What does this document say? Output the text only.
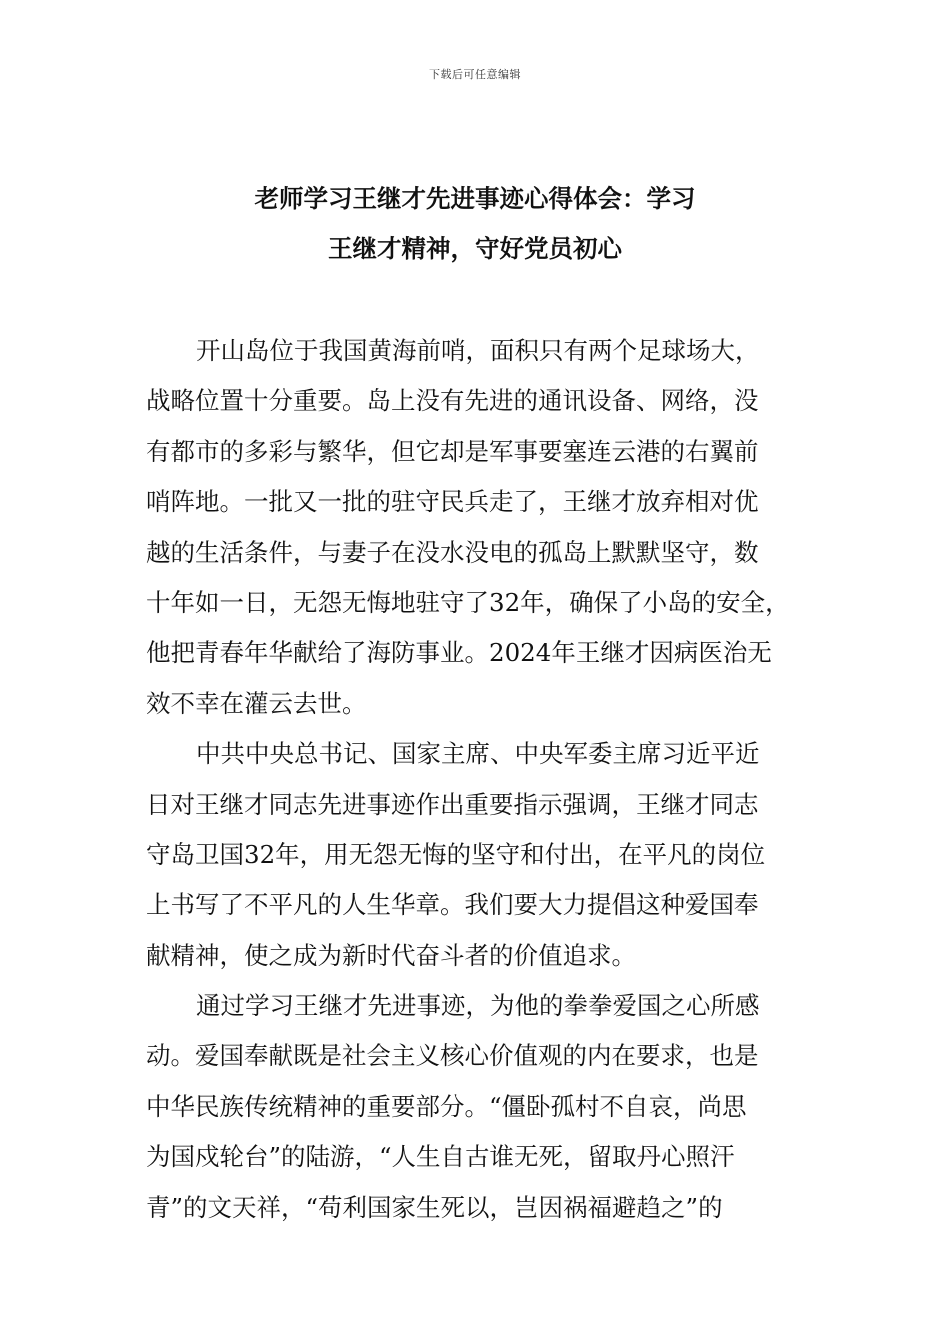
下载后可任意编辑
老师学习王继才先进事迹心得体会：学习
王继才精神，守好党员初心
开山岛位于我国黄海前哨，面积只有两个足球场大，
战略位置十分重要。岛上没有先进的通讯设备、网络，没
有都市的多彩与繁华，但它却是军事要塞连云港的右翼前
哨阵地。一批又一批的驻守民兵走了，王继才放弃相对优
越的生活条件，与妻子在没水没电的孤岛上默默坚守，数
十年如一日，无怨无悔地驻守了32年，确保了小岛的安全，
他把青春年华献给了海防事业。2024年王继才因病医治无
效不幸在灌云去世。
中共中央总书记、国家主席、中央军委主席习近平近
日对王继才同志先进事迹作出重要指示强调，王继才同志
守岛卫国32年，用无怨无悔的坚守和付出，在平凡的岗位
上书写了不平凡的人生华章。我们要大力提倡这种爱国奉
献精神，使之成为新时代奋斗者的价值追求。
通过学习王继才先进事迹，为他的拳拳爱国之心所感
动。爱国奉献既是社会主义核心价值观的内在要求，也是
中华民族传统精神的重要部分。“僵卧孤村不自哀，尚思
为国戍轮台”的陆游，“人生自古谁无死，留取丹心照汗
青”的文天祥，“苟利国家生死以，岂因祸福避趋之”的
